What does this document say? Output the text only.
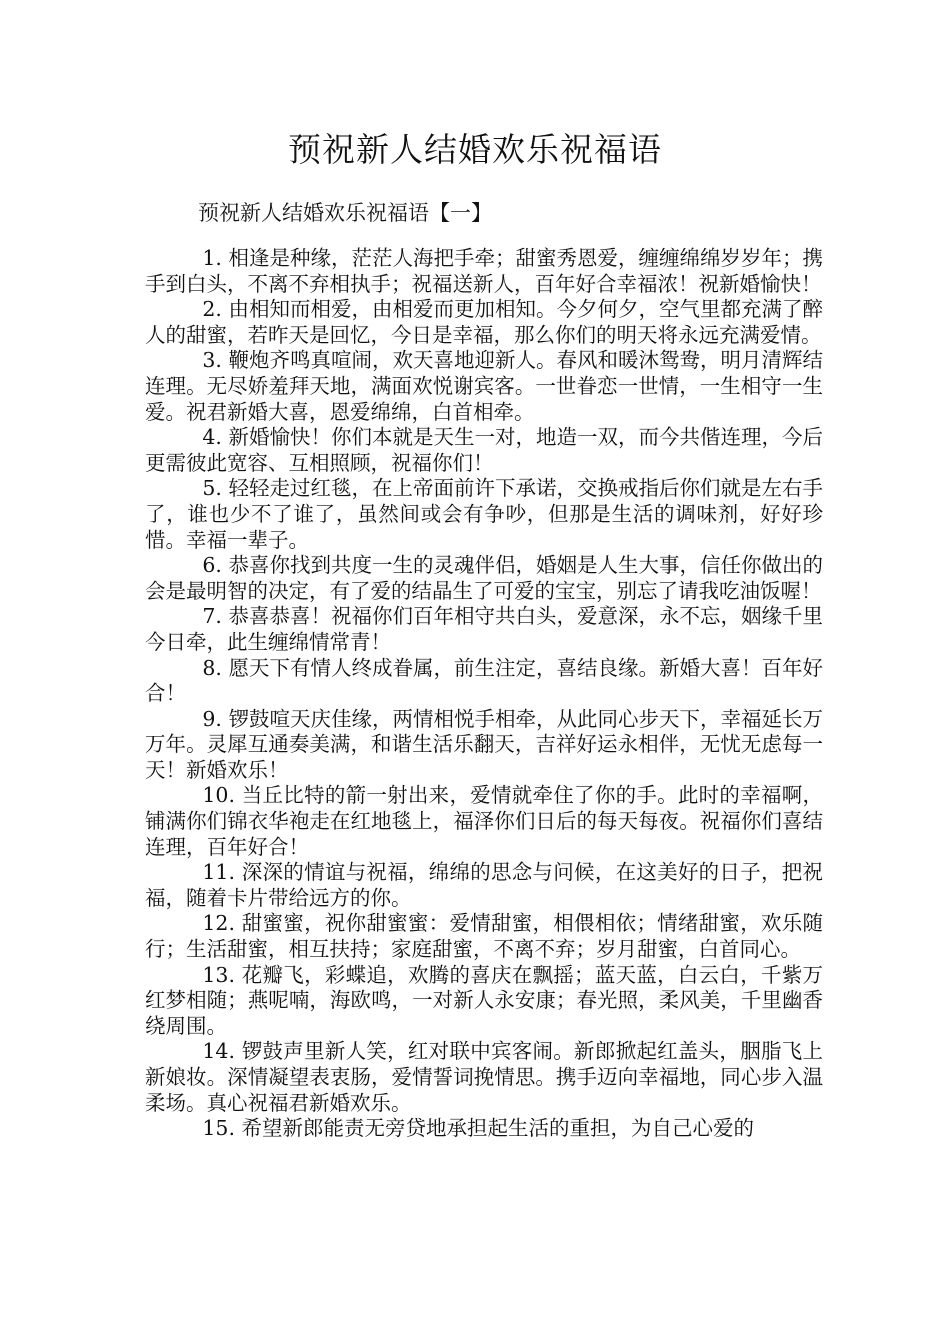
预祝新人结婚欢乐祝福语
预祝新人结婚欢乐祝福语【一】

1. 相逢是种缘，茫茫人海把手牵；甜蜜秀恩爱，缠缠绵绵岁岁年；携手到白头，不离不弃相执手；祝福送新人，百年好合幸福浓！祝新婚愉快！

2. 由相知而相爱，由相爱而更加相知。今夕何夕，空气里都充满了醉人的甜蜜，若昨天是回忆，今日是幸福，那么你们的明天将永远充满爱情。

3. 鞭炮齐鸣真喧闹，欢天喜地迎新人。春风和暖沐鸳鸯，明月清辉结连理。无尽娇羞拜天地，满面欢悦谢宾客。一世眷恋一世情，一生相守一生爱。祝君新婚大喜，恩爱绵绵，白首相牵。

4. 新婚愉快！你们本就是天生一对，地造一双，而今共偕连理，今后更需彼此宽容、互相照顾，祝福你们！

5. 轻轻走过红毯，在上帝面前许下承诺，交换戒指后你们就是左右手了，谁也少不了谁了，虽然间或会有争吵，但那是生活的调味剂，好好珍惜。幸福一辈子。

6. 恭喜你找到共度一生的灵魂伴侣，婚姻是人生大事，信任你做出的会是最明智的决定，有了爱的结晶生了可爱的宝宝，别忘了请我吃油饭喔！

7. 恭喜恭喜！祝福你们百年相守共白头，爱意深，永不忘，姻缘千里今日牵，此生缠绵情常青！

8. 愿天下有情人终成眷属，前生注定，喜结良缘。新婚大喜！百年好合！

9. 锣鼓喧天庆佳缘，两情相悦手相牵，从此同心步天下，幸福延长万万年。灵犀互通奏美满，和谐生活乐翻天，吉祥好运永相伴，无忧无虑每一天！新婚欢乐！

10. 当丘比特的箭一射出来，爱情就牵住了你的手。此时的幸福啊，铺满你们锦衣华袍走在红地毯上，福泽你们日后的每天每夜。祝福你们喜结连理，百年好合！

11. 深深的情谊与祝福，绵绵的思念与问候，在这美好的日子，把祝福，随着卡片带给远方的你。

12. 甜蜜蜜，祝你甜蜜蜜：爱情甜蜜，相偎相依；情绪甜蜜，欢乐随行；生活甜蜜，相互扶持；家庭甜蜜，不离不弃；岁月甜蜜，白首同心。

13. 花瓣飞，彩蝶追，欢腾的喜庆在飘摇；蓝天蓝，白云白，千紫万红梦相随；燕呢喃，海欧鸣，一对新人永安康；春光照，柔风美，千里幽香绕周围。

14. 锣鼓声里新人笑，红对联中宾客闹。新郎掀起红盖头，胭脂飞上新娘妆。深情凝望表衷肠，爱情誓词挽情思。携手迈向幸福地，同心步入温柔场。真心祝福君新婚欢乐。

15. 希望新郎能责无旁贷地承担起生活的重担，为自己心爱的
